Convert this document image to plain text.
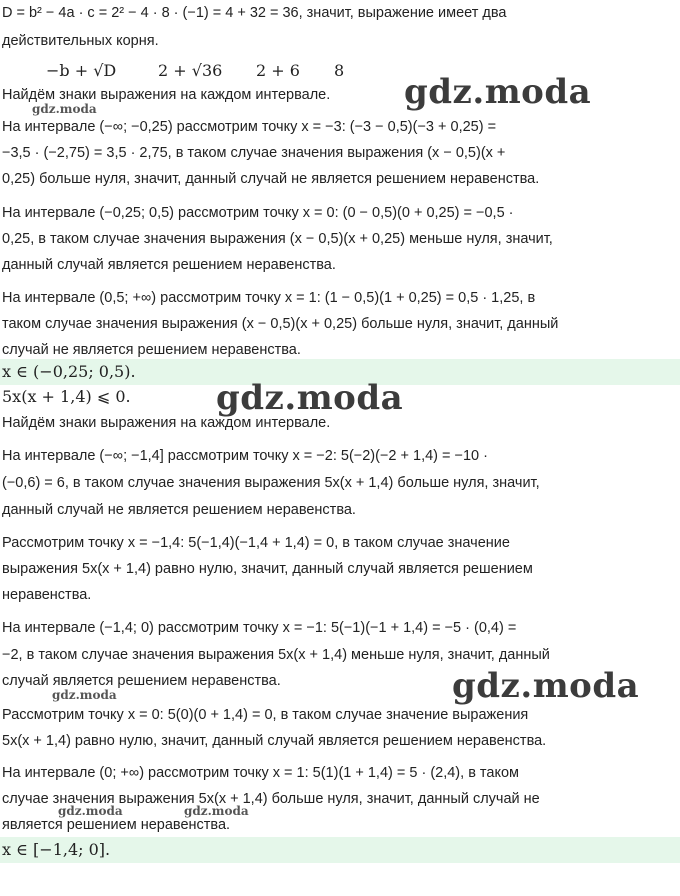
D = b² − 4a · c = 2² − 4 · 8 · (−1) = 4 + 32 = 36, значит, выражение имеет два
действительных корня.
−b + √D	2 + √36 2 + 6 8
Найдём знаки выражения на каждом интервале.
На интервале (−∞; −0,25) рассмотрим точку x = −3: (−3 − 0,5)(−3 + 0,25) =
−3,5 · (−2,75) = 3,5 · 2,75, в таком случае значения выражения (x − 0,5)(x +
0,25) больше нуля, значит, данный случай не является решением неравенства.
На интервале (−0,25; 0,5) рассмотрим точку x = 0: (0 − 0,5)(0 + 0,25) = −0,5 ·
0,25, в таком случае значения выражения (x − 0,5)(x + 0,25) меньше нуля, значит,
данный случай является решением неравенства.
На интервале (0,5; +∞) рассмотрим точку x = 1: (1 − 0,5)(1 + 0,25) = 0,5 · 1,25, в
таком случае значения выражения (x − 0,5)(x + 0,25) больше нуля, значит, данный
случай не является решением неравенства.
x ∈ (−0,25; 0,5).
5x(x + 1,4) ⩽ 0.
Найдём знаки выражения на каждом интервале.
На интервале (−∞; −1,4] рассмотрим точку x = −2: 5(−2)(−2 + 1,4) = −10 ·
(−0,6) = 6, в таком случае значения выражения 5x(x + 1,4) больше нуля, значит,
данный случай не является решением неравенства.
Рассмотрим точку x = −1,4: 5(−1,4)(−1,4 + 1,4) = 0, в таком случае значение
выражения 5x(x + 1,4) равно нулю, значит, данный случай является решением
неравенства.
На интервале (−1,4; 0) рассмотрим точку x = −1: 5(−1)(−1 + 1,4) = −5 · (0,4) =
−2, в таком случае значения выражения 5x(x + 1,4) меньше нуля, значит, данный
случай является решением неравенства.
Рассмотрим точку x = 0: 5(0)(0 + 1,4) = 0, в таком случае значение выражения
5x(x + 1,4) равно нулю, значит, данный случай является решением неравенства.
На интервале (0; +∞) рассмотрим точку x = 1: 5(1)(1 + 1,4) = 5 · (2,4), в таком
случае значения выражения 5x(x + 1,4) больше нуля, значит, данный случай не
является решением неравенства.
x ∈ [−1,4; 0].
gdz.moda
gdz.moda
gdz.moda
gdz.moda
gdz.moda
gdz.moda	gdz.moda
